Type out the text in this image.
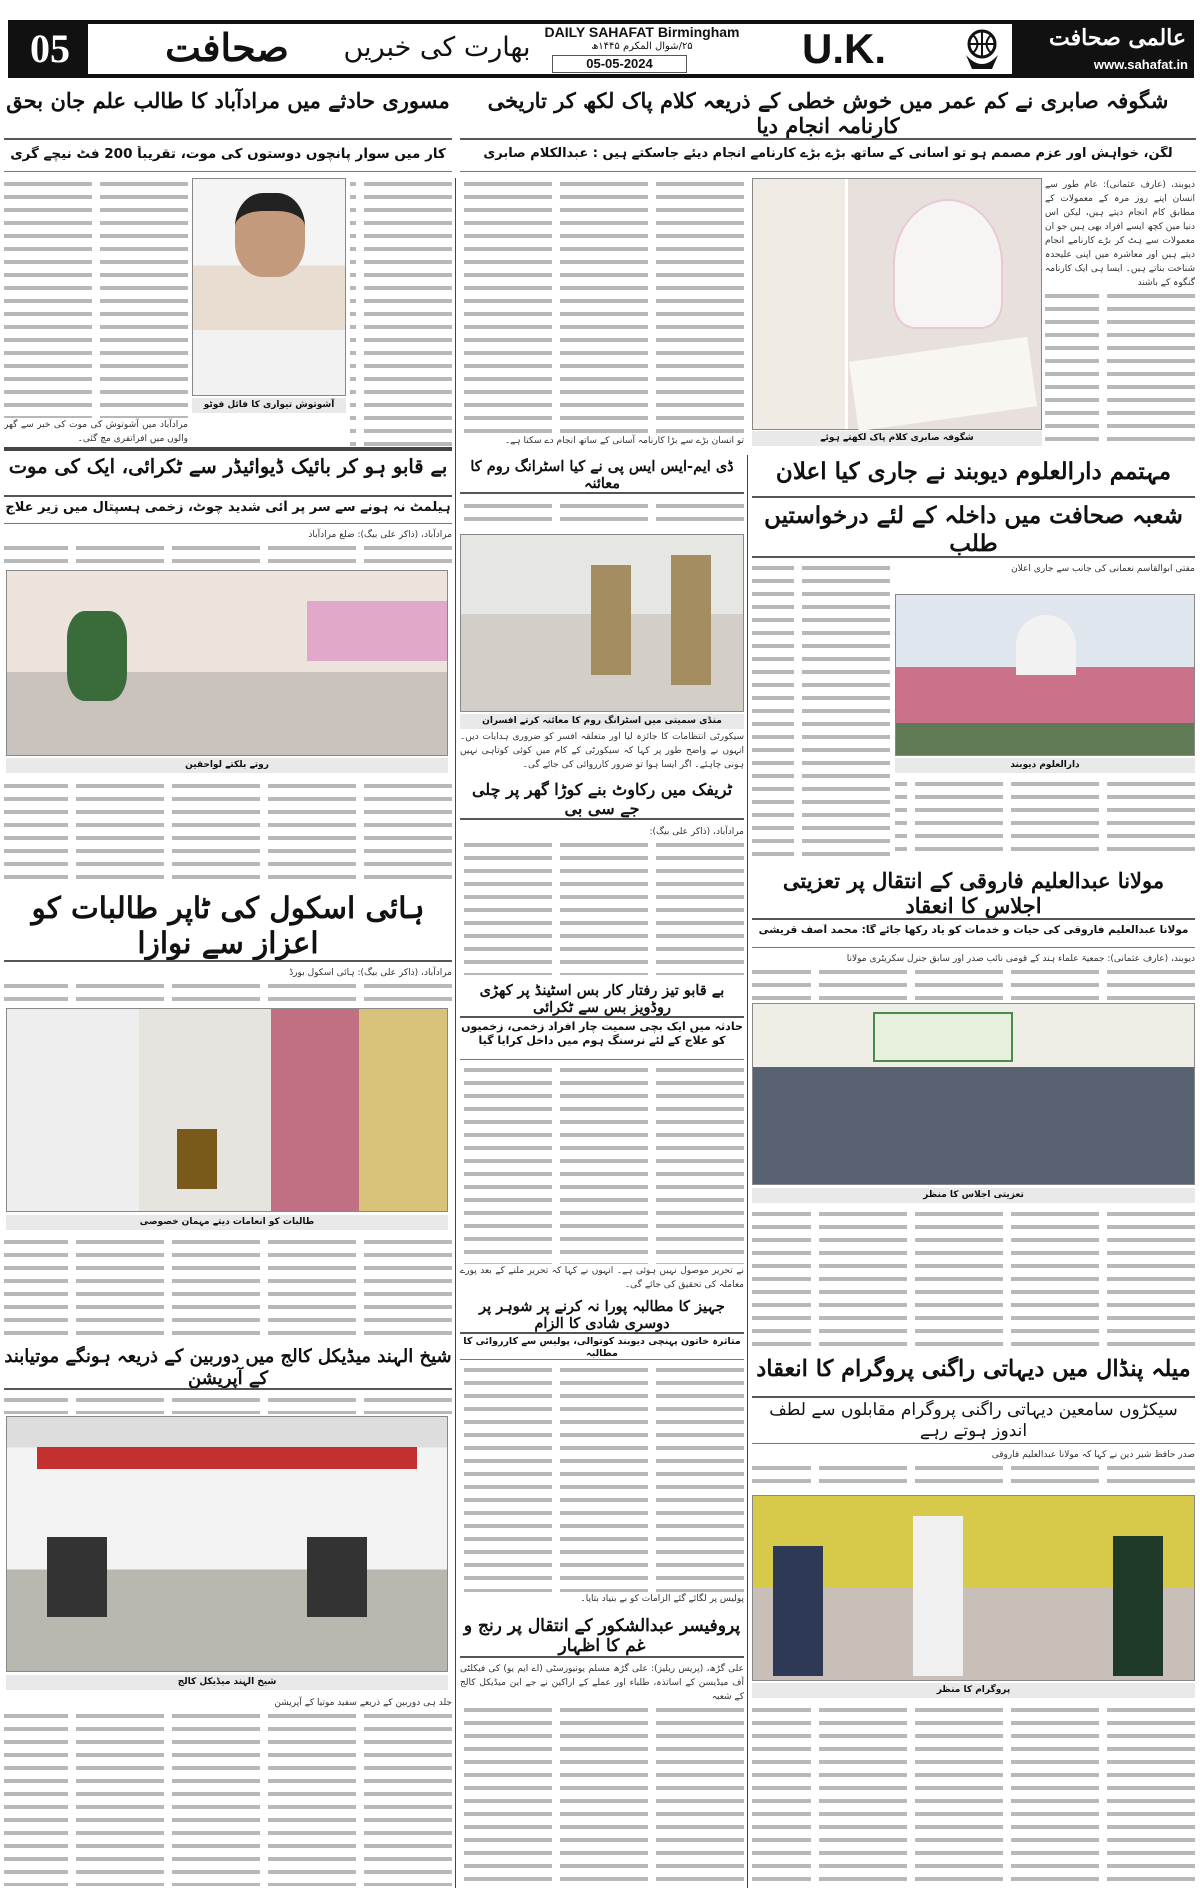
05	صحافت	بھارت کی خبریں DAILY SAHAFAT Birmingham
۲۵/شوال المکرم ۱۴۴۵ھ
05-05-2024	U.K.	عالمی صحافت
www.sahafat.in
مسوری حادثے میں مرادآباد کا طالب علم جان بحق
کار میں سوار پانچوں دوستوں کی موت، تقریباً 200 فٹ نیچے گری

مرادآباد میں آشوتوش کی موت کی خبر سے گھر والوں میں افراتفری مچ گئی۔

آشوتوش تیواری کا فائل فوٹو
شگوفہ صابری نے کم عمر میں خوش خطی کے ذریعہ کلام پاک لکھ کر تاریخی کارنامہ انجام دیا
لگن، خواہش اور عزم مصمم ہو تو آسانی کے ساتھ بڑے بڑے کارنامے انجام دیئے جاسکتے ہیں : عبدالکلام صابری

دیوبند، (عارف عثمانی): عام طور سے انسان اپنے روز مرہ کے معمولات کے مطابق کام انجام دیتے ہیں، لیکن اس دنیا میں کچھ ایسے افراد بھی ہیں جو ان معمولات سے ہٹ کر بڑے کارنامے انجام دیتے ہیں اور معاشرہ میں اپنی علیحدہ شناخت بناتے ہیں۔ ایسا ہی ایک کارنامہ گنگوہ کے باشند

تو انسان بڑے سے بڑا کارنامہ آسانی کے ساتھ انجام دے سکتا ہے۔	شگوفہ صابری کلام پاک لکھتے ہوئے
بے قابو ہو کر بائیک ڈیوائیڈر سے ٹکرائی، ایک کی موت
ہیلمٹ نہ ہونے سے سر پر آئی شدید چوٹ، زخمی ہسپتال میں زیر علاج

مرادآباد، (ذاکر علی بیگ): ضلع مرادآباد

روتے بلکتے لواحقین
ڈی ایم-ایس ایس پی نے کیا اسٹرانگ روم کا معائنہ
منڈی سمیتی میں اسٹرانگ روم کا معائنہ کرتے افسران

سیکورٹی انتظامات کا جائزہ لیا اور متعلقہ افسر کو ضروری ہدایات دیں۔ انہوں نے واضح طور پر کہا کہ سیکورٹی کے کام میں کوئی کوتاہی نہیں ہونی چاہئے۔ اگر ایسا ہوا تو ضرور کارروائی کی جائے گی۔

ٹریفک میں رکاوٹ بنے کوڑا گھر پر چلی جے سی بی

مرادآباد، (ذاکر علی بیگ):

بے قابو تیز رفتار کار بس اسٹینڈ پر کھڑی روڈویز بس سے ٹکرائی
حادثہ میں ایک بچی سمیت چار افراد زخمی، زخمیوں کو علاج کے لئے نرسنگ ہوم میں داخل کرایا گیا

نے تحریر موصول نہیں ہوئی ہے۔ انہوں نے کہا کہ تحریر ملنے کے بعد پورے معاملہ کی تحقیق کی جائے گی۔

جہیز کا مطالبہ پورا نہ کرنے پر شوہر پر دوسری شادی کا الزام
متاثرہ خاتون پہنچی دیوبند کوتوالی، پولیس سے کارروائی کا مطالبہ

پولیس پر لگائے گئے الزامات کو بے بنیاد بتایا۔

پروفیسر عبدالشکور کے انتقال پر رنج و غم کا اظہار

علی گڑھ، (پریس ریلیز): علی گڑھ مسلم یونیورسٹی (اے ایم یو) کی فیکلٹی آف میڈیسن کے اساتذہ، طلباء اور عملے کے اراکین نے جے این میڈیکل کالج کے شعبہ

مہتمم دارالعلوم دیوبند نے جاری کیا اعلان
شعبہ صحافت میں داخلہ کے لئے درخواستیں طلب

مفتی ابوالقاسم نعمانی کی جانب سے جاری اعلان

دارالعلوم دیوبند
مولانا عبدالعلیم فاروقی کے انتقال پر تعزیتی اجلاس کا انعقاد
مولانا عبدالعلیم فاروقی کی حیات و خدمات کو یاد رکھا جائے گا: محمد آصف قریشی

دیوبند، (عارف عثمانی): جمعیۃ علماء ہند کے قومی نائب صدر اور سابق جنرل سکریٹری مولانا

تعزیتی اجلاس کا منظر
ہائی اسکول کی ٹاپر طالبات کو اعزاز سے نوازا

مرادآباد، (ذاکر علی بیگ): ہائی اسکول بورڈ

طالبات کو انعامات دیتے مہمان خصوصی
شیخ الہند میڈیکل کالج میں دوربین کے ذریعہ ہونگے موتیابند کے آپریشن
شیخ الہند میڈیکل کالج

جلد ہی دوربین کے ذریعے سفید موتیا کے آپریشن

میلہ پنڈال میں دیہاتی راگنی پروگرام کا انعقاد
سیکڑوں سامعین دیہاتی راگنی پروگرام مقابلوں سے لطف اندوز ہوتے رہے

صدر حافظ شیر دین نے کہا کہ مولانا عبدالعلیم فاروقی

پروگرام کا منظر
